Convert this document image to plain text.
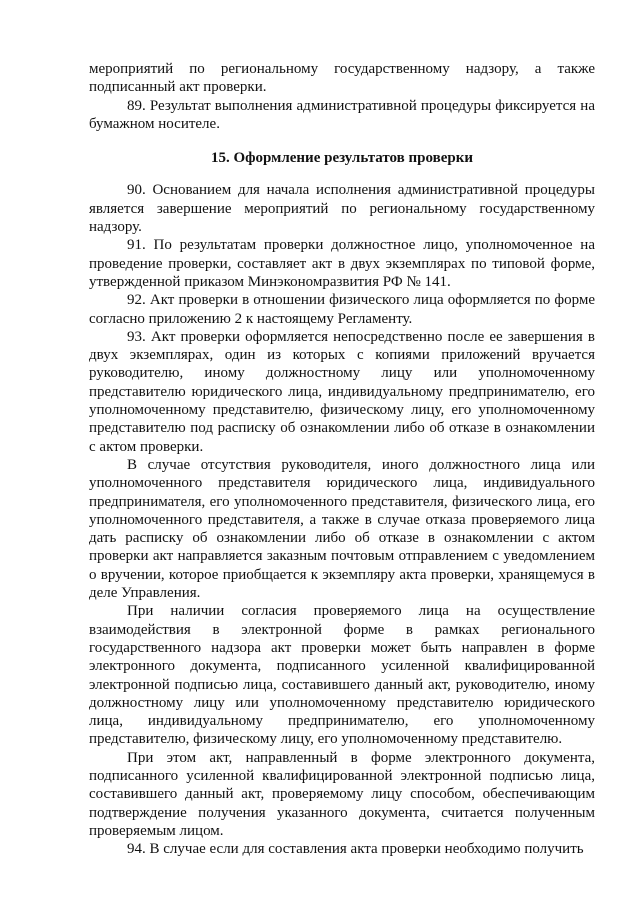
мероприятий по региональному государственному надзору, а также подписанный акт проверки.

89. Результат выполнения административной процедуры фиксируется на бумажном носителе.

15. Оформление результатов проверки

90. Основанием для начала исполнения административной процедуры является завершение мероприятий по региональному государственному надзору.

91. По результатам проверки должностное лицо, уполномоченное на проведение проверки, составляет акт в двух экземплярах по типовой форме, утвержденной приказом Минэкономразвития РФ № 141.

92. Акт проверки в отношении физического лица оформляется по форме согласно приложению 2 к настоящему Регламенту.

93. Акт проверки оформляется непосредственно после ее завершения в двух экземплярах, один из которых с копиями приложений вручается руководителю, иному должностному лицу или уполномоченному представителю юридического лица, индивидуальному предпринимателю, его уполномоченному представителю, физическому лицу, его уполномоченному представителю под расписку об ознакомлении либо об отказе в ознакомлении с актом проверки.

В случае отсутствия руководителя, иного должностного лица или уполномоченного представителя юридического лица, индивидуального предпринимателя, его уполномоченного представителя, физического лица, его уполномоченного представителя, а также в случае отказа проверяемого лица дать расписку об ознакомлении либо об отказе в ознакомлении с актом проверки акт направляется заказным почтовым отправлением с уведомлением о вручении, которое приобщается к экземпляру акта проверки, хранящемуся в деле Управления.

При наличии согласия проверяемого лица на осуществление взаимодействия в электронной форме в рамках регионального государственного надзора акт проверки может быть направлен в форме электронного документа, подписанного усиленной квалифицированной электронной подписью лица, составившего данный акт, руководителю, иному должностному лицу или уполномоченному представителю юридического лица, индивидуальному предпринимателю, его уполномоченному представителю, физическому лицу, его уполномоченному представителю.

При этом акт, направленный в форме электронного документа, подписанного усиленной квалифицированной электронной подписью лица, составившего данный акт, проверяемому лицу способом, обеспечивающим подтверждение получения указанного документа, считается полученным проверяемым лицом.

94. В случае если для составления акта проверки необходимо получить
